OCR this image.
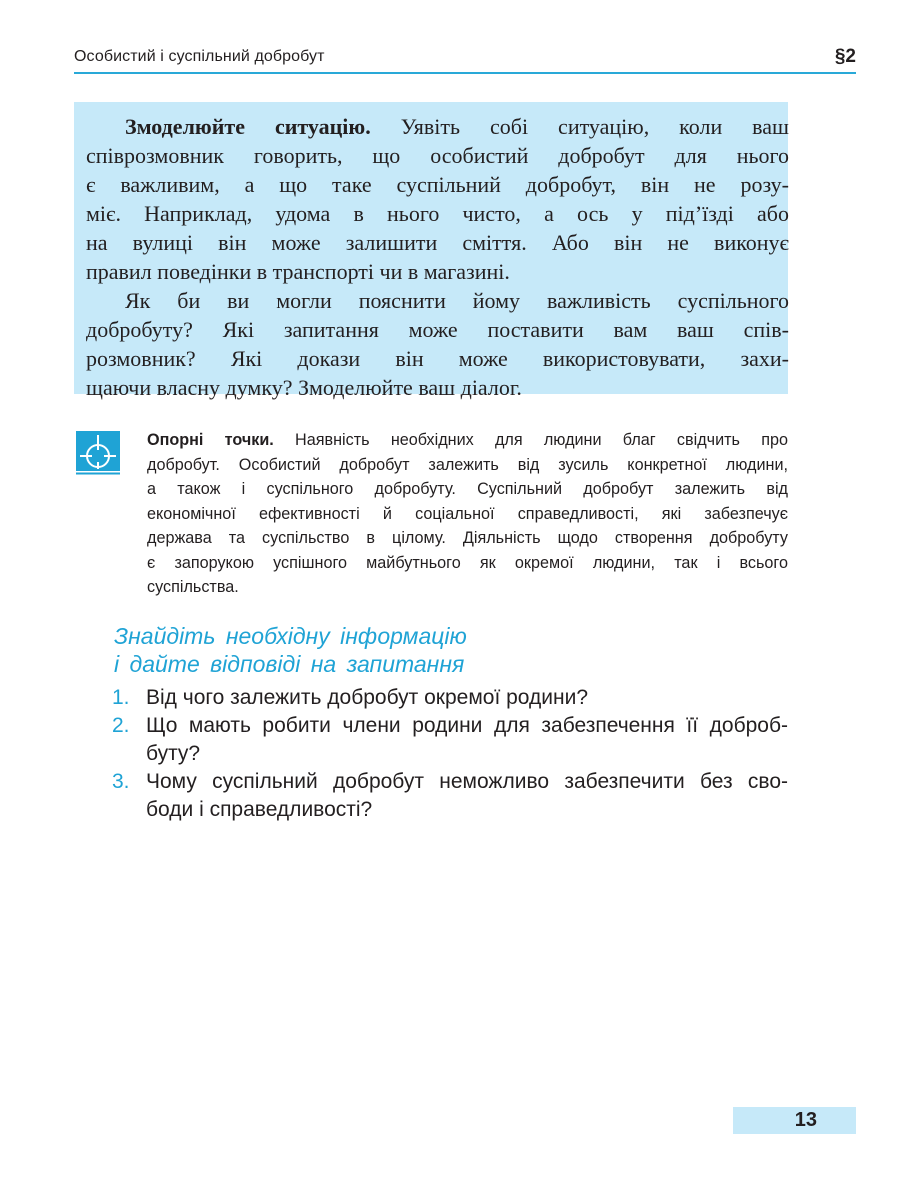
Особистий і суспільний добробут	§2
Змоделюйте ситуацію. Уявіть собі ситуацію, коли ваш
співрозмовник говорить, що особистий добробут для нього
є важливим, а що таке суспільний добробут, він не розу-
міє. Наприклад, удома в нього чисто, а ось у під’їзді або
на вулиці він може залишити сміття. Або він не виконує
правил поведінки в транспорті чи в магазині.
Як би ви могли пояснити йому важливість суспільного
добробуту? Які запитання може поставити вам ваш спів-
розмовник? Які докази він може використовувати, захи-
щаючи власну думку? Змоделюйте ваш діалог.
Опорні точки. Наявність необхідних для людини благ свідчить про
добробут. Особистий добробут залежить від зусиль конкретної людини,
а також і суспільного добробуту. Суспільний добробут залежить від
економічної ефективності й соціальної справедливості, які забезпечує
держава та суспільство в цілому. Діяльність щодо створення добробуту
є запорукою успішного майбутнього як окремої людини, так і всього
суспільства.
Знайдіть необхідну інформацію
і дайте відповіді на запитання
1. Від чого залежить добробут окремої родини?
2. Що мають робити члени родини для забезпечення її доброб-
буту?
3. Чому суспільний добробут неможливо забезпечити без сво-
боди і справедливості?
13
